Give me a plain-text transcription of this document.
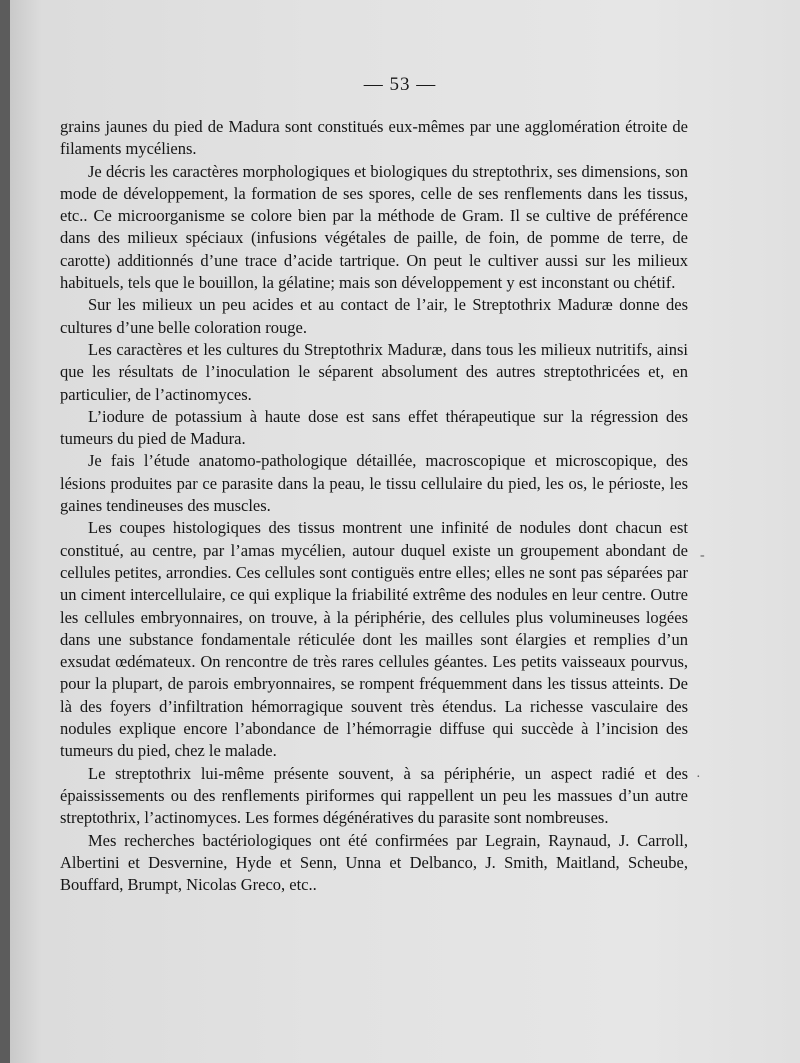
— 53 —

grains jaunes du pied de Madura sont constitués eux-mêmes par une agglomération étroite de filaments mycéliens.

Je décris les caractères morphologiques et biologiques du streptothrix, ses dimensions, son mode de développement, la formation de ses spores, celle de ses renflements dans les tissus, etc.. Ce microorganisme se colore bien par la méthode de Gram. Il se cultive de préférence dans des milieux spéciaux (infusions végétales de paille, de foin, de pomme de terre, de carotte) additionnés d’une trace d’acide tartrique. On peut le cultiver aussi sur les milieux habituels, tels que le bouillon, la gélatine; mais son développement y est inconstant ou chétif.

Sur les milieux un peu acides et au contact de l’air, le Streptothrix Maduræ donne des cultures d’une belle coloration rouge.

Les caractères et les cultures du Streptothrix Maduræ, dans tous les milieux nutritifs, ainsi que les résultats de l’inoculation le séparent absolument des autres streptothricées et, en particulier, de l’actinomyces.

L’iodure de potassium à haute dose est sans effet thérapeutique sur la régression des tumeurs du pied de Madura.

Je fais l’étude anatomo-pathologique détaillée, macroscopique et microscopique, des lésions produites par ce parasite dans la peau, le tissu cellulaire du pied, les os, le périoste, les gaines tendineuses des muscles.

Les coupes histologiques des tissus montrent une infinité de nodules dont chacun est constitué, au centre, par l’amas mycélien, autour duquel existe un groupement abondant de cellules petites, arrondies. Ces cellules sont contiguës entre elles; elles ne sont pas séparées par un ciment intercellulaire, ce qui explique la friabilité extrême des nodules en leur centre. Outre les cellules embryonnaires, on trouve, à la périphérie, des cellules plus volumineuses logées dans une substance fondamentale réticulée dont les mailles sont élargies et remplies d’un exsudat œdémateux. On rencontre de très rares cellules géantes. Les petits vaisseaux pourvus, pour la plupart, de parois embryonnaires, se rompent fréquemment dans les tissus atteints. De là des foyers d’infiltration hémorragique souvent très étendus. La richesse vasculaire des nodules explique encore l’abondance de l’hémorragie diffuse qui succède à l’incision des tumeurs du pied, chez le malade.

Le streptothrix lui-même présente souvent, à sa périphérie, un aspect radié et des épaississements ou des renflements piriformes qui rappellent un peu les massues d’un autre streptothrix, l’actinomyces. Les formes dégénératives du parasite sont nombreuses.

Mes recherches bactériologiques ont été confirmées par Legrain, Raynaud, J. Carroll, Albertini et Desvernine, Hyde et Senn, Unna et Delbanco, J. Smith, Maitland, Scheube, Bouffard, Brumpt, Nicolas Greco, etc..

-
·
